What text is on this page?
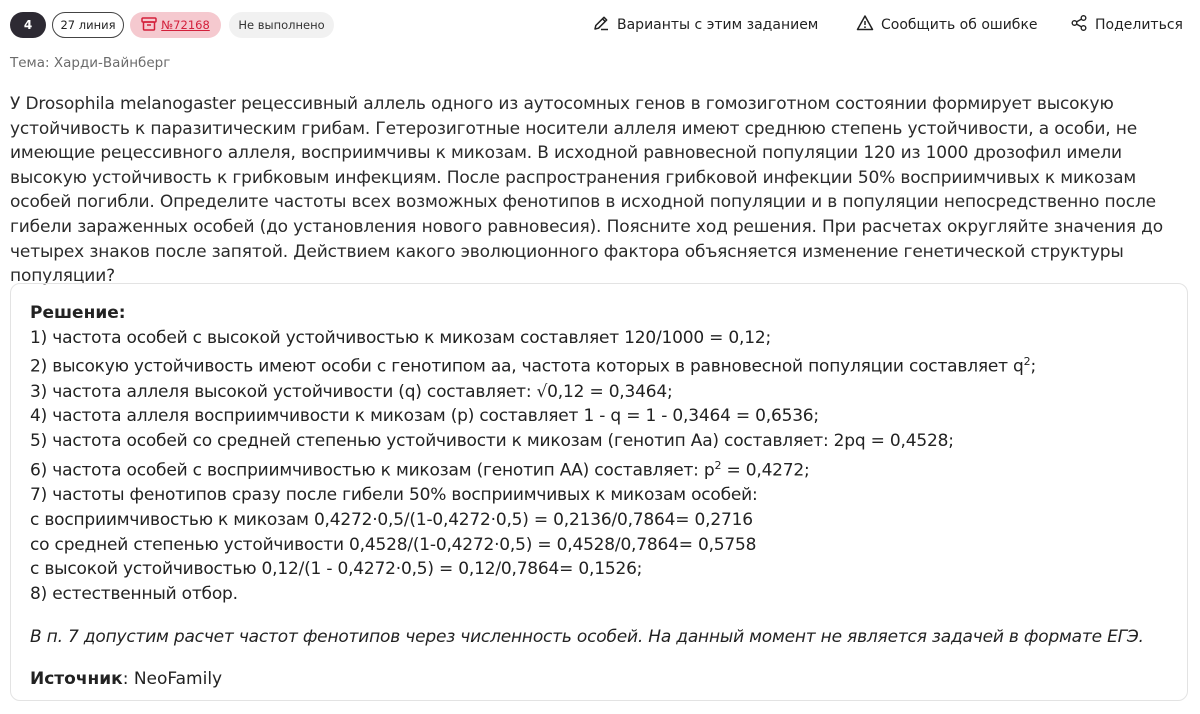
4	27 линия	№72168	Не выполнено	Варианты с этим заданием	Сообщить об ошибке	Поделиться
Тема: Харди-Вайнберг
У Drosophila melanogaster рецессивный аллель одного из аутосомных генов в гомозиготном состоянии формирует высокую устойчивость к паразитическим грибам. Гетерозиготные носители аллеля имеют среднюю степень устойчивости, а особи, не имеющие рецессивного аллеля, восприимчивы к микозам. В исходной равновесной популяции 120 из 1000 дрозофил имели высокую устойчивость к грибковым инфекциям. После распространения грибковой инфекции 50% восприимчивых к микозам особей погибли. Определите частоты всех возможных фенотипов в исходной популяции и в популяции непосредственно после гибели зараженных особей (до установления нового равновесия). Поясните ход решения. При расчетах округляйте значения до четырех знаков после запятой. Действием какого эволюционного фактора объясняется изменение генетической структуры популяции?
Решение:
1) частота особей с высокой устойчивостью к микозам составляет 120/1000 = 0,12;
2) высокую устойчивость имеют особи с генотипом аа, частота которых в равновесной популяции составляет $q^2$;
3) частота аллеля высокой устойчивости (q) составляет: √0,12 = 0,3464;
4) частота аллеля восприимчивости к микозам (р) составляет 1 - q = 1 - 0,3464 = 0,6536;
5) частота особей со средней степенью устойчивости к микозам (генотип Аа) составляет: 2pq = 0,4528;
6) частота особей с восприимчивостью к микозам (генотип АА) составляет: $p^2 = 0,4272$;
7) частоты фенотипов сразу после гибели 50% восприимчивых к микозам особей:
с восприимчивостью к микозам 0,4272·0,5/(1-0,4272·0,5) = 0,2136/0,7864= 0,2716
со средней степенью устойчивости 0,4528/(1-0,4272·0,5) = 0,4528/0,7864= 0,5758
с высокой устойчивостью 0,12/(1 - 0,4272·0,5) = 0,12/0,7864= 0,1526;
8) естественный отбор.
В п. 7 допустим расчет частот фенотипов через численность особей. На данный момент не является задачей в формате ЕГЭ.
Источник: NeoFamily
